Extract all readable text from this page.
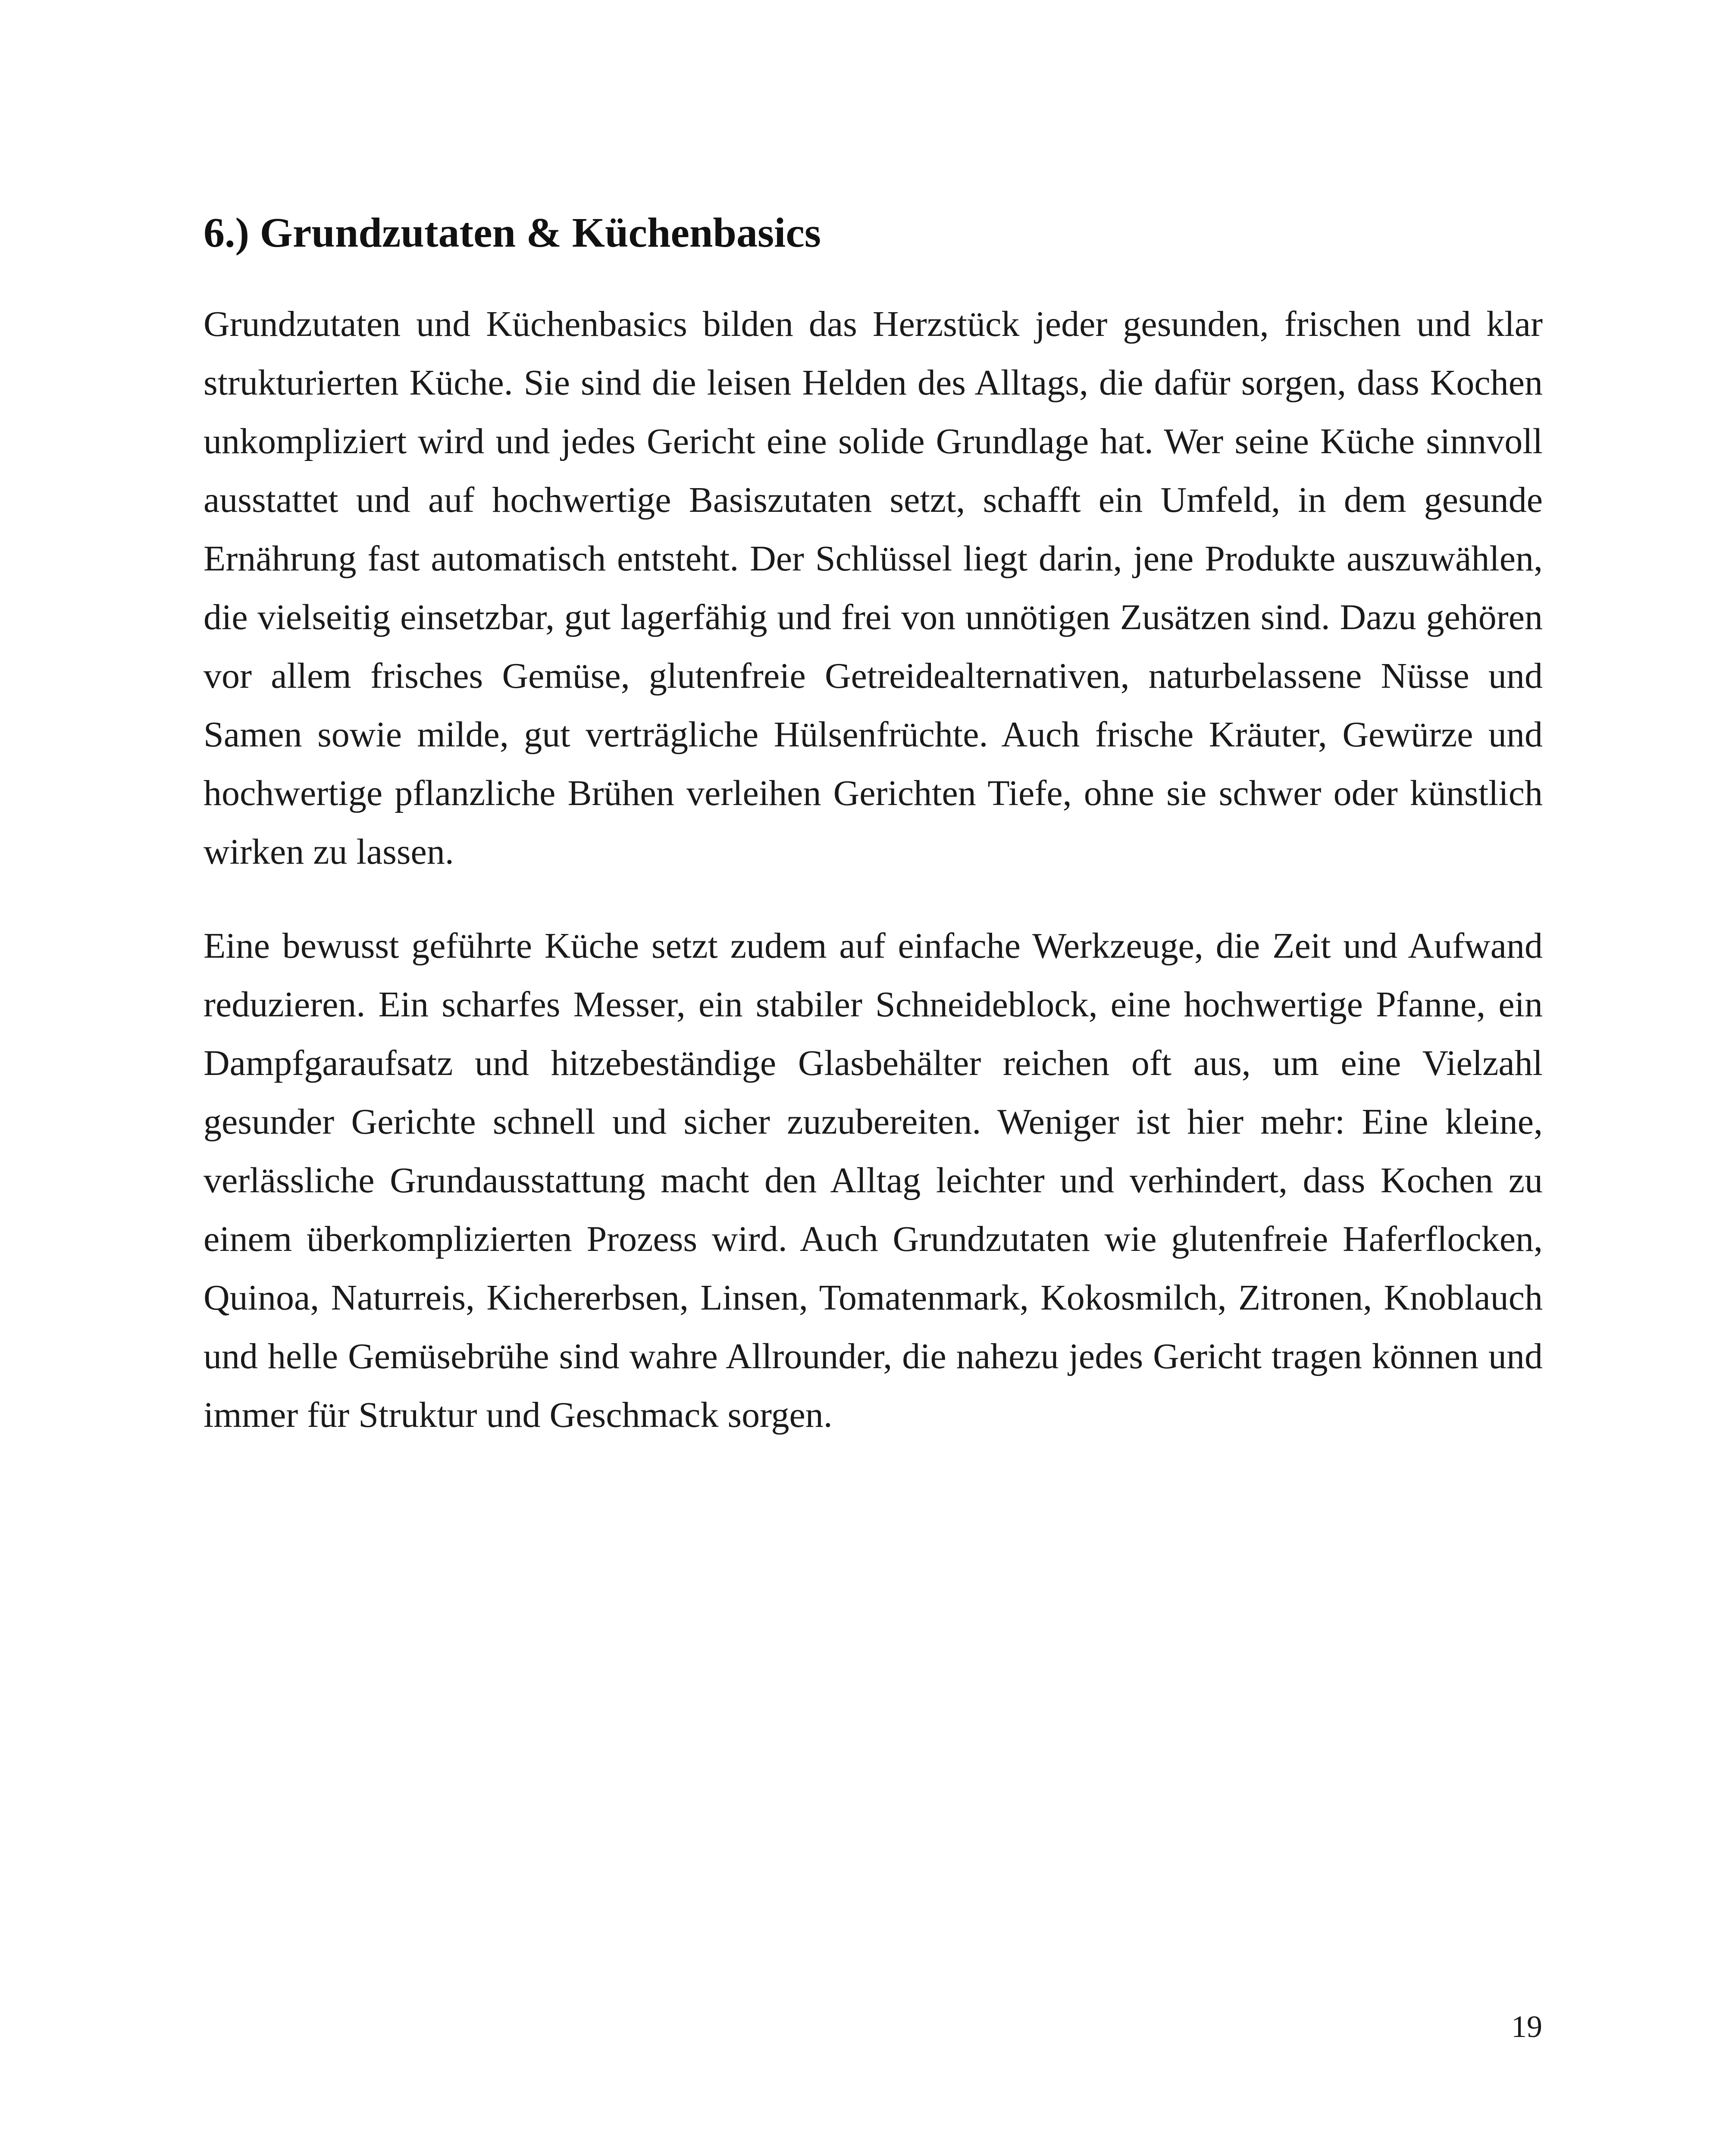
6.) Grundzutaten & Küchenbasics

Grundzutaten und Küchenbasics bilden das Herzstück jeder gesunden, frischen und klar strukturierten Küche. Sie sind die leisen Helden des Alltags, die dafür sorgen, dass Kochen unkompliziert wird und jedes Gericht eine solide Grundlage hat. Wer seine Küche sinnvoll ausstattet und auf hochwertige Basiszutaten setzt, schafft ein Umfeld, in dem gesunde Ernährung fast automatisch entsteht. Der Schlüssel liegt darin, jene Produkte auszuwählen, die vielseitig einsetzbar, gut lagerfähig und frei von unnötigen Zusätzen sind. Dazu gehören vor allem frisches Gemüse, glutenfreie Getreidealternativen, naturbelassene Nüsse und Samen sowie milde, gut verträgliche Hülsenfrüchte. Auch frische Kräuter, Gewürze und hochwertige pflanzliche Brühen verleihen Gerichten Tiefe, ohne sie schwer oder künstlich wirken zu lassen.

Eine bewusst geführte Küche setzt zudem auf einfache Werkzeuge, die Zeit und Aufwand reduzieren. Ein scharfes Messer, ein stabiler Schneideblock, eine hochwertige Pfanne, ein Dampfgaraufsatz und hitzebeständige Glasbehälter reichen oft aus, um eine Vielzahl gesunder Gerichte schnell und sicher zuzubereiten. Weniger ist hier mehr: Eine kleine, verlässliche Grundausstattung macht den Alltag leichter und verhindert, dass Kochen zu einem überkomplizierten Prozess wird. Auch Grundzutaten wie glutenfreie Haferflocken, Quinoa, Naturreis, Kichererbsen, Linsen, Tomatenmark, Kokosmilch, Zitronen, Knoblauch und helle Gemüsebrühe sind wahre Allrounder, die nahezu jedes Gericht tragen können und immer für Struktur und Geschmack sorgen.

19
